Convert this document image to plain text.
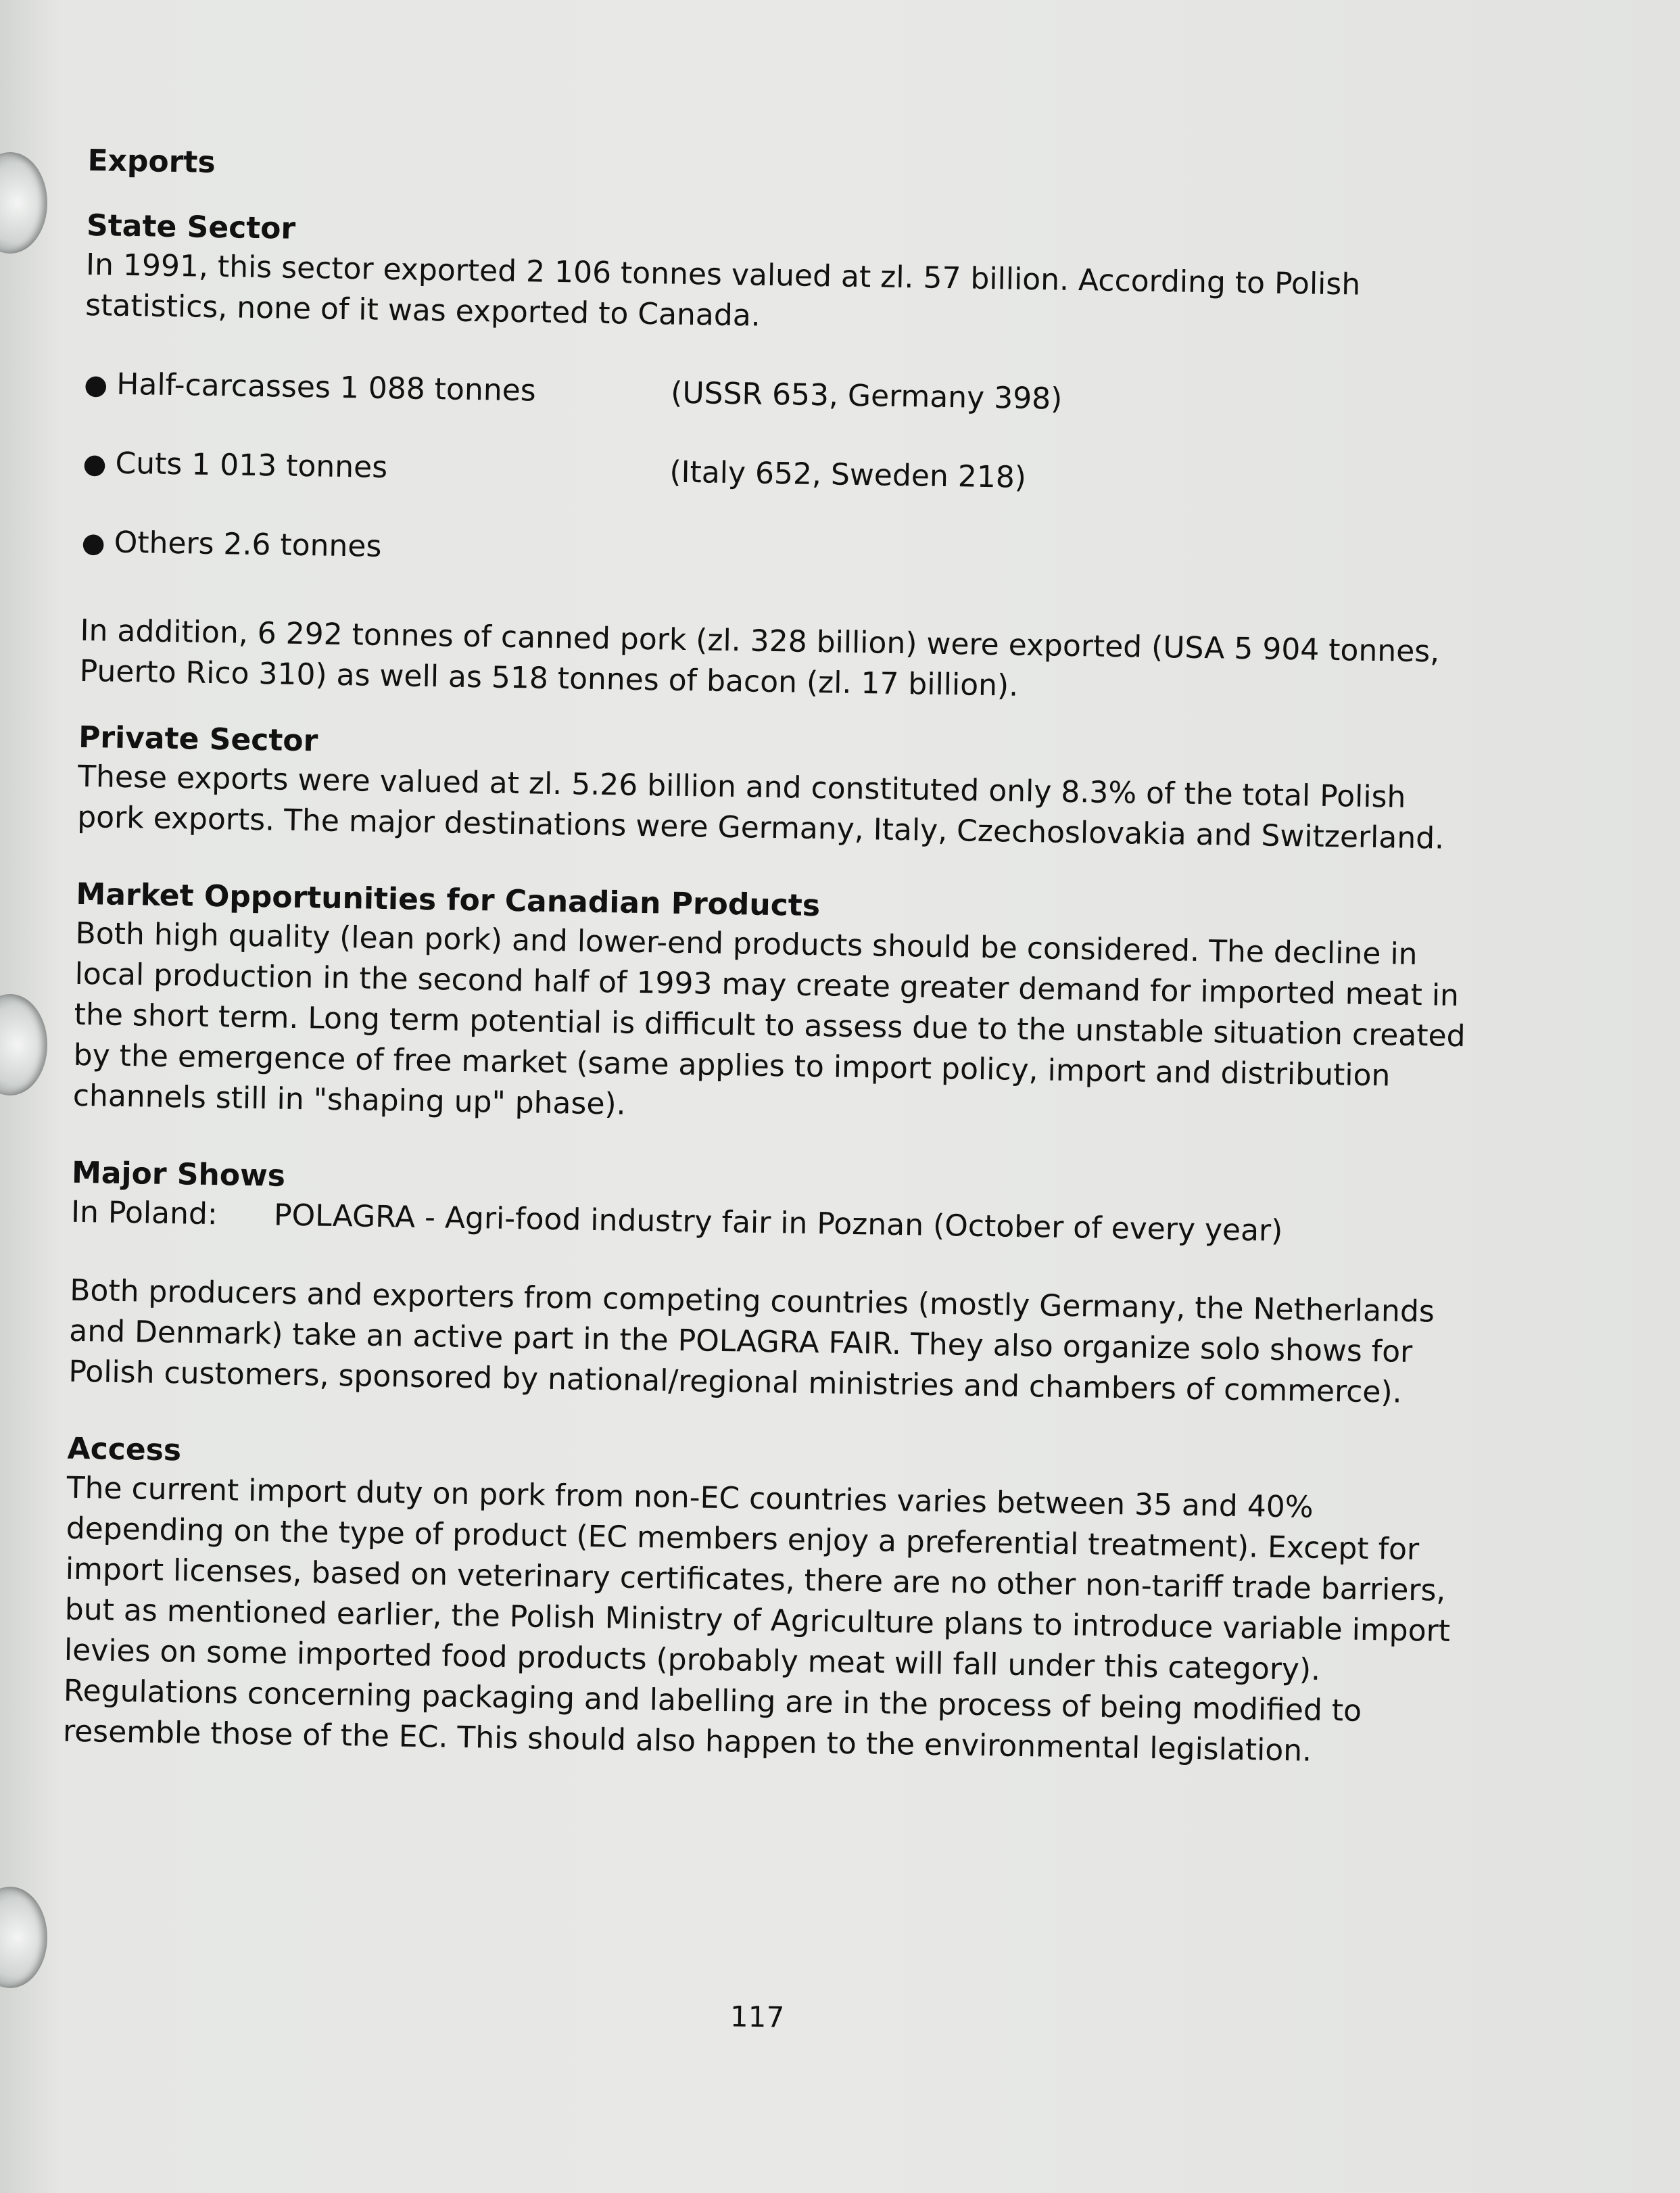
Exports

State Sector

In 1991, this sector exported 2 106 tonnes valued at zl. 57 billion. According to Polish statistics, none of it was exported to Canada.

● Half-carcasses 1 088 tonnes	(USSR 653, Germany 398)
● Cuts 1 013 tonnes	(Italy 652, Sweden 218)
● Others 2.6 tonnes

In addition, 6 292 tonnes of canned pork (zl. 328 billion) were exported (USA 5 904 tonnes, Puerto Rico 310) as well as 518 tonnes of bacon (zl. 17 billion).

Private Sector

These exports were valued at zl. 5.26 billion and constituted only 8.3% of the total Polish pork exports. The major destinations were Germany, Italy, Czechoslovakia and Switzerland.

Market Opportunities for Canadian Products

Both high quality (lean pork) and lower-end products should be considered. The decline in local production in the second half of 1993 may create greater demand for imported meat in the short term. Long term potential is difficult to assess due to the unstable situation created by the emergence of free market (same applies to import policy, import and distribution channels still in "shaping up" phase).

Major Shows

In Poland:	POLAGRA - Agri-food industry fair in Poznan (October of every year)

Both producers and exporters from competing countries (mostly Germany, the Netherlands and Denmark) take an active part in the POLAGRA FAIR. They also organize solo shows for Polish customers, sponsored by national/regional ministries and chambers of commerce).

Access

The current import duty on pork from non-EC countries varies between 35 and 40% depending on the type of product (EC members enjoy a preferential treatment). Except for import licenses, based on veterinary certificates, there are no other non-tariff trade barriers, but as mentioned earlier, the Polish Ministry of Agriculture plans to introduce variable import levies on some imported food products (probably meat will fall under this category). Regulations concerning packaging and labelling are in the process of being modified to resemble those of the EC. This should also happen to the environmental legislation.

117
